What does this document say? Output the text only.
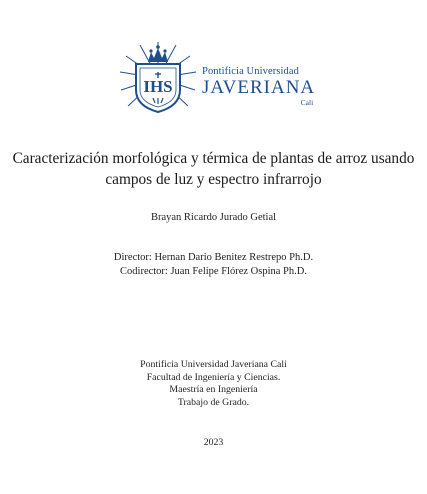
IHS
Pontificia Universidad
JAVERIANA
Cali
Caracterización morfológica y térmica de plantas de arroz usando
campos de luz y espectro infrarrojo
Brayan Ricardo Jurado Getial
Director: Hernan Dario Benitez Restrepo Ph.D.
Codirector: Juan Felipe Flórez Ospina Ph.D.
Pontificia Universidad Javeriana Cali
Facultad de Ingeniería y Ciencias.
Maestría en Ingeniería
Trabajo de Grado.
2023
